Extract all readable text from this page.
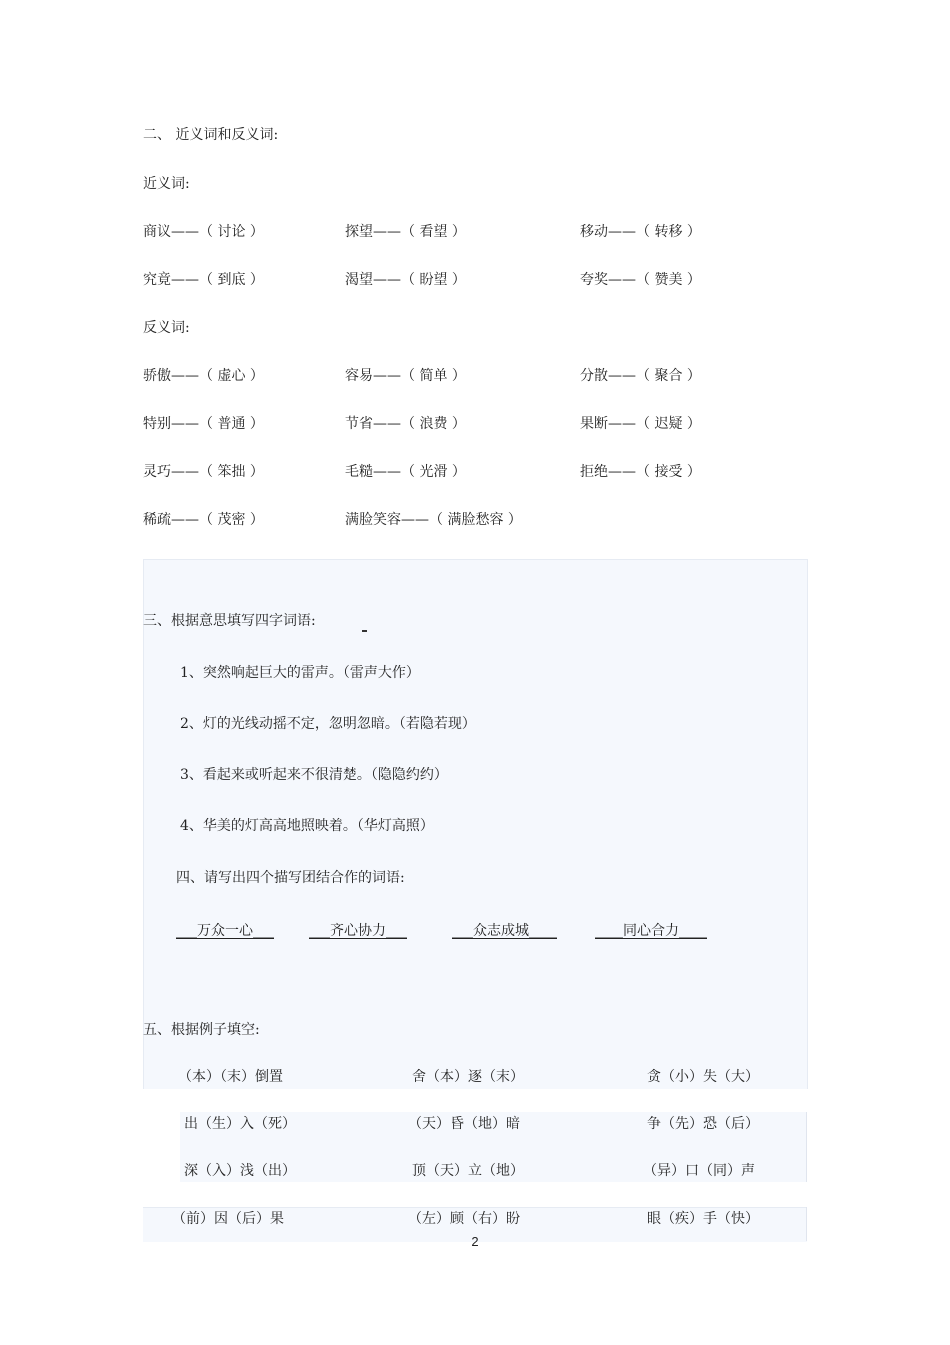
二、 近义词和反义词:
近义词:
商议——（ 讨论 ）	探望——（ 看望 ）	移动——（ 转移 ）
究竟——（ 到底 ）	渴望——（ 盼望 ）	夸奖——（ 赞美 ）
反义词:
骄傲——（ 虚心 ）	容易——（ 简单 ）	分散——（ 聚合 ）
特别——（ 普通 ）	节省——（ 浪费 ）	果断——（ 迟疑 ）
灵巧——（ 笨拙 ）	毛糙——（ 光滑 ）	拒绝——（ 接受 ）
稀疏——（ 茂密 ）	满脸笑容——（ 满脸愁容 ）
三、根据意思填写四字词语:
1、突然响起巨大的雷声。（雷声大作）
2、灯的光线动摇不定，忽明忽暗。（若隐若现）
3、看起来或听起来不很清楚。（隐隐约约）
4、华美的灯高高地照映着。（华灯高照）
四、请写出四个描写团结合作的词语:
___万众一心___	___齐心协力___	___众志成城____	____同心合力____
五、根据例子填空:
（本）（末）倒置	舍（本）逐（末）	贪（小）失（大）
出（生）入（死）	（天）昏（地）暗	争（先）恐（后）
深（入）浅（出）	顶（天）立（地）	（异）口（同）声
（前）因（后）果	（左）顾（右）盼	眼（疾）手（快）
2
